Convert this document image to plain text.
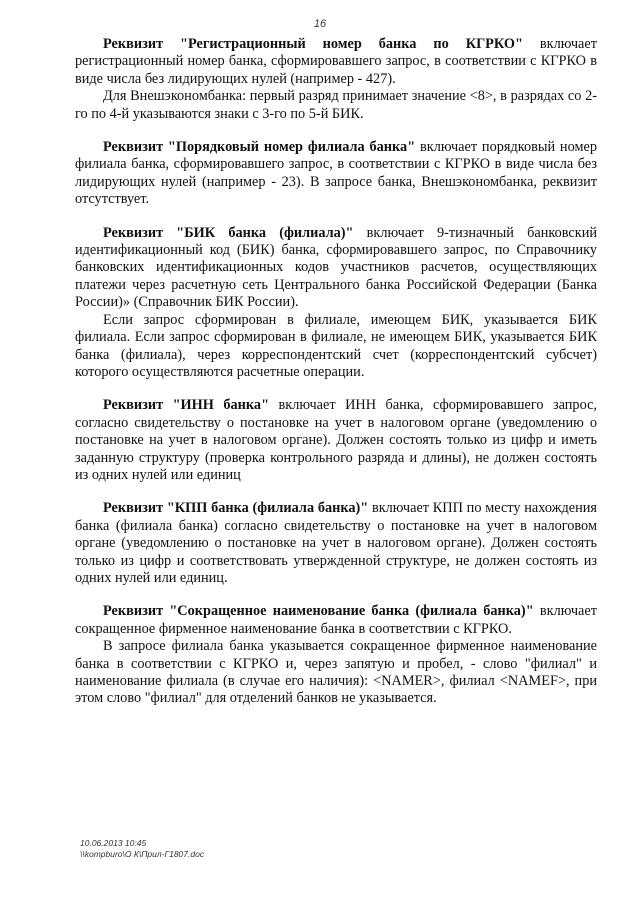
16

Реквизит "Регистрационный номер банка по КГРКО" включает регистрационный номер банка, сформировавшего запрос, в соответствии с КГРКО в виде числа без лидирующих нулей (например - 427).

Для Внешэкономбанка: первый разряд принимает значение <8>, в разрядах со 2-го по 4-й указываются знаки с 3-го по 5-й БИК.

Реквизит "Порядковый номер филиала банка" включает порядковый номер филиала банка, сформировавшего запрос, в соответствии с КГРКО в виде числа без лидирующих нулей (например - 23). В запросе банка, Внешэкономбанка, реквизит отсутствует.

Реквизит "БИК банка (филиала)" включает 9-тизначный банковский идентификационный код (БИК) банка, сформировавшего запрос, по Справочнику банковских идентификационных кодов участников расчетов, осуществляющих платежи через расчетную сеть Центрального банка Российской Федерации (Банка России)» (Справочник БИК России).

Если запрос сформирован в филиале, имеющем БИК, указывается БИК филиала. Если запрос сформирован в филиале, не имеющем БИК, указывается БИК банка (филиала), через корреспондентский счет (корреспондентский субсчет) которого осуществляются расчетные операции.

Реквизит "ИНН банка" включает ИНН банка, сформировавшего запрос, согласно свидетельству о постановке на учет в налоговом органе (уведомлению о постановке на учет в налоговом органе). Должен состоять только из цифр и иметь заданную структуру (проверка контрольного разряда и длины), не должен состоять из одних нулей или единиц

Реквизит "КПП банка (филиала банка)" включает КПП по месту нахождения банка (филиала банка) согласно свидетельству о постановке на учет в налоговом органе (уведомлению о постановке на учет в налоговом органе). Должен состоять только из цифр и соответствовать утвержденной структуре, не должен состоять из одних нулей или единиц.

Реквизит "Сокращенное наименование банка (филиала банка)" включает сокращенное фирменное наименование банка в соответствии с КГРКО.

В запросе филиала банка указывается сокращенное фирменное наименование банка в соответствии с КГРКО и, через запятую и пробел, - слово "филиал" и наименование филиала (в случае его наличия): <NAMER>, филиал <NAMEF>, при этом слово "филиал" для отделений банков не указывается.

10.06.2013 10:45
\\kompburo\О К\Прил-Г1807.doc
